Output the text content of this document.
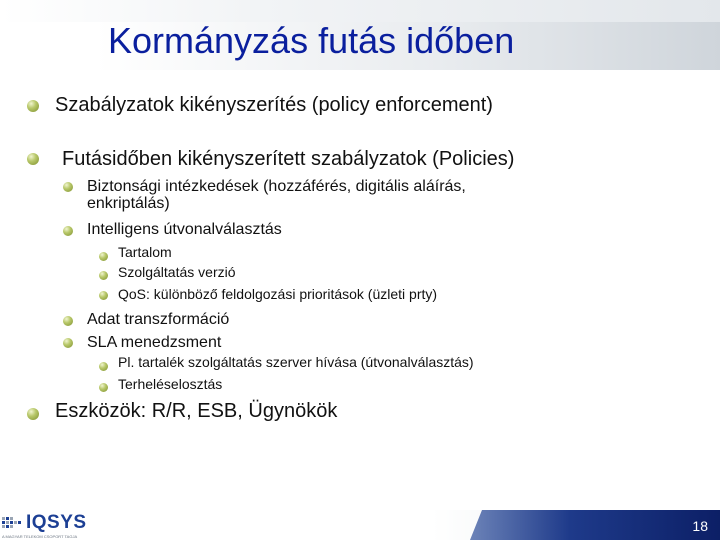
Kormányzás futás időben
Szabályzatok kikényszerítés (policy enforcement)
Futásidőben kikényszerített szabályzatok (Policies)
Biztonsági intézkedések (hozzáférés, digitális aláírás,
enkriptálás)
Intelligens útvonalválasztás
Tartalom
Szolgáltatás verzió
QoS: különböző feldolgozási prioritások (üzleti prty)
Adat transzformáció
SLA menedzsment
Pl. tartalék szolgáltatás szerver hívása (útvonalválasztás)
Terheléselosztás
Eszközök: R/R, ESB, Ügynökök
18
IQSYS
A MAGYAR TELEKOM CSOPORT TAGJA
